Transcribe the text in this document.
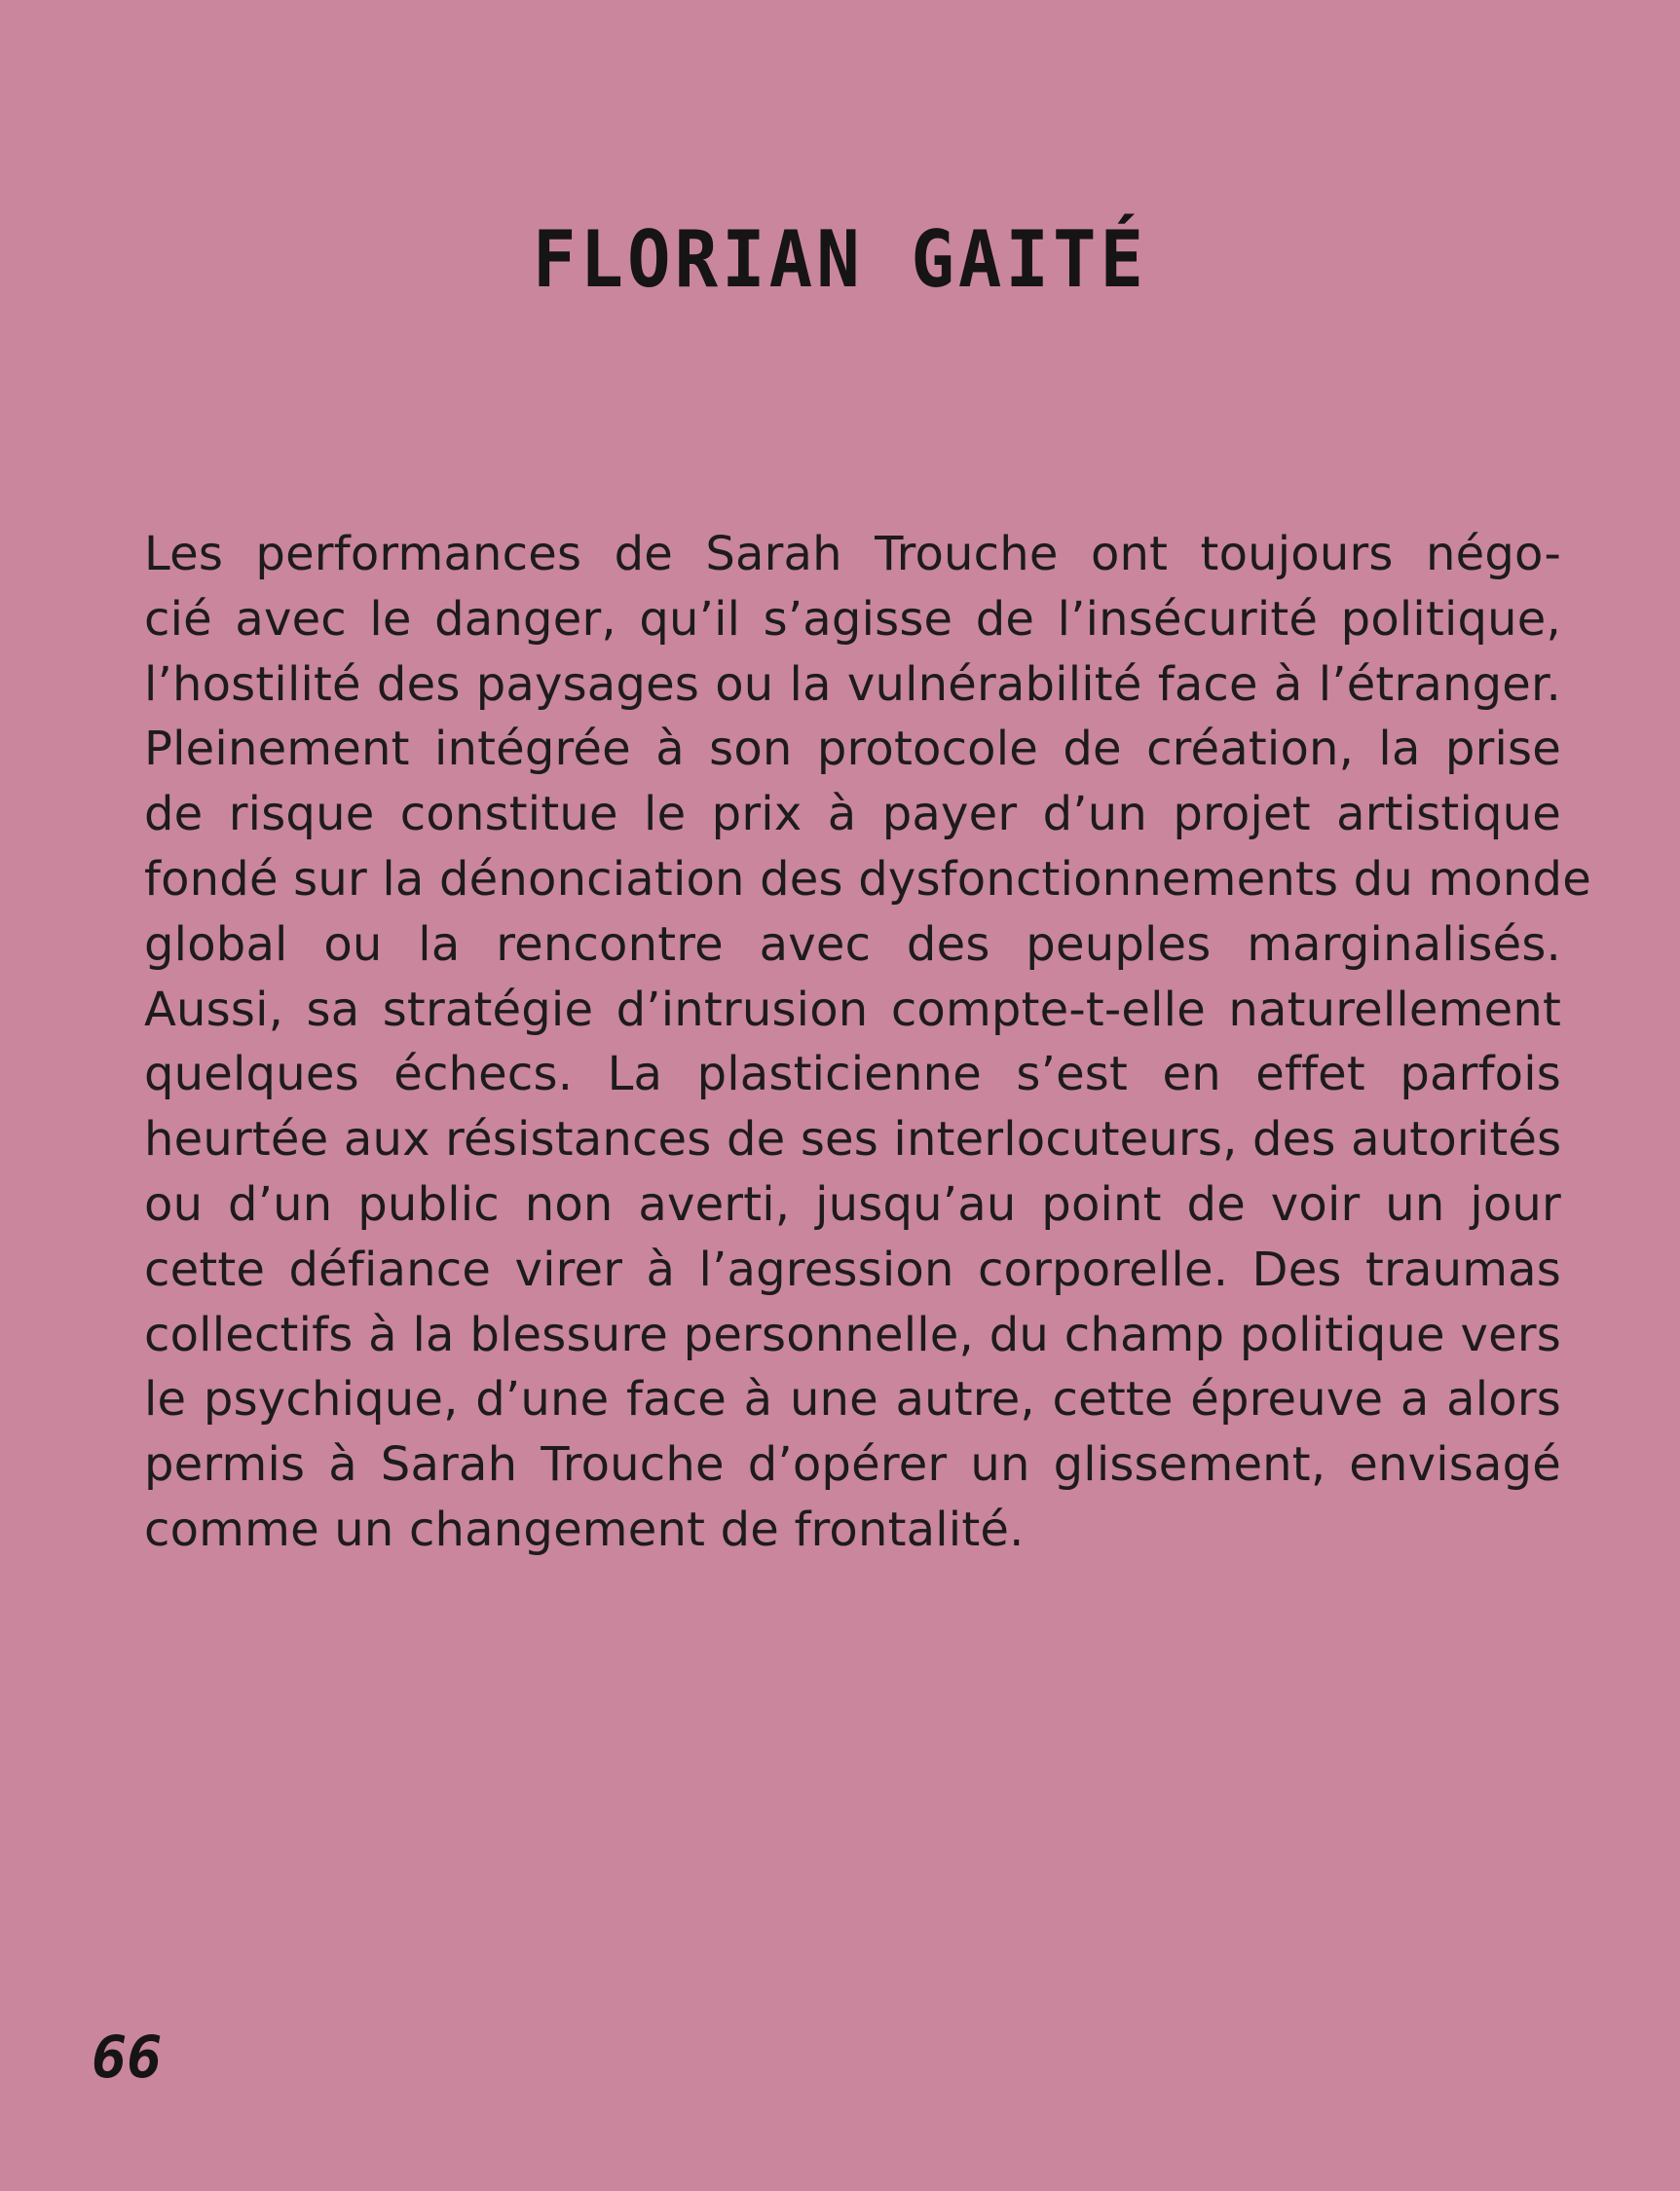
FLORIAN GAITÉ

Les performances de Sarah Trouche ont toujours négo-
cié avec le danger, qu’il s’agisse de l’insécurité politique,
l’hostilité des paysages ou la vulnérabilité face à l’étranger.
Pleinement intégrée à son protocole de création, la prise
de risque constitue le prix à payer d’un projet artistique
fondé sur la dénonciation des dysfonctionnements du monde
global ou la rencontre avec des peuples marginalisés.
Aussi, sa stratégie d’intrusion compte-t-elle naturellement
quelques échecs. La plasticienne s’est en effet parfois
heurtée aux résistances de ses interlocuteurs, des autorités
ou d’un public non averti, jusqu’au point de voir un jour
cette défiance virer à l’agression corporelle. Des traumas
collectifs à la blessure personnelle, du champ politique vers
le psychique, d’une face à une autre, cette épreuve a alors
permis à Sarah Trouche d’opérer un glissement, envisagé
comme un changement de frontalité.

66
